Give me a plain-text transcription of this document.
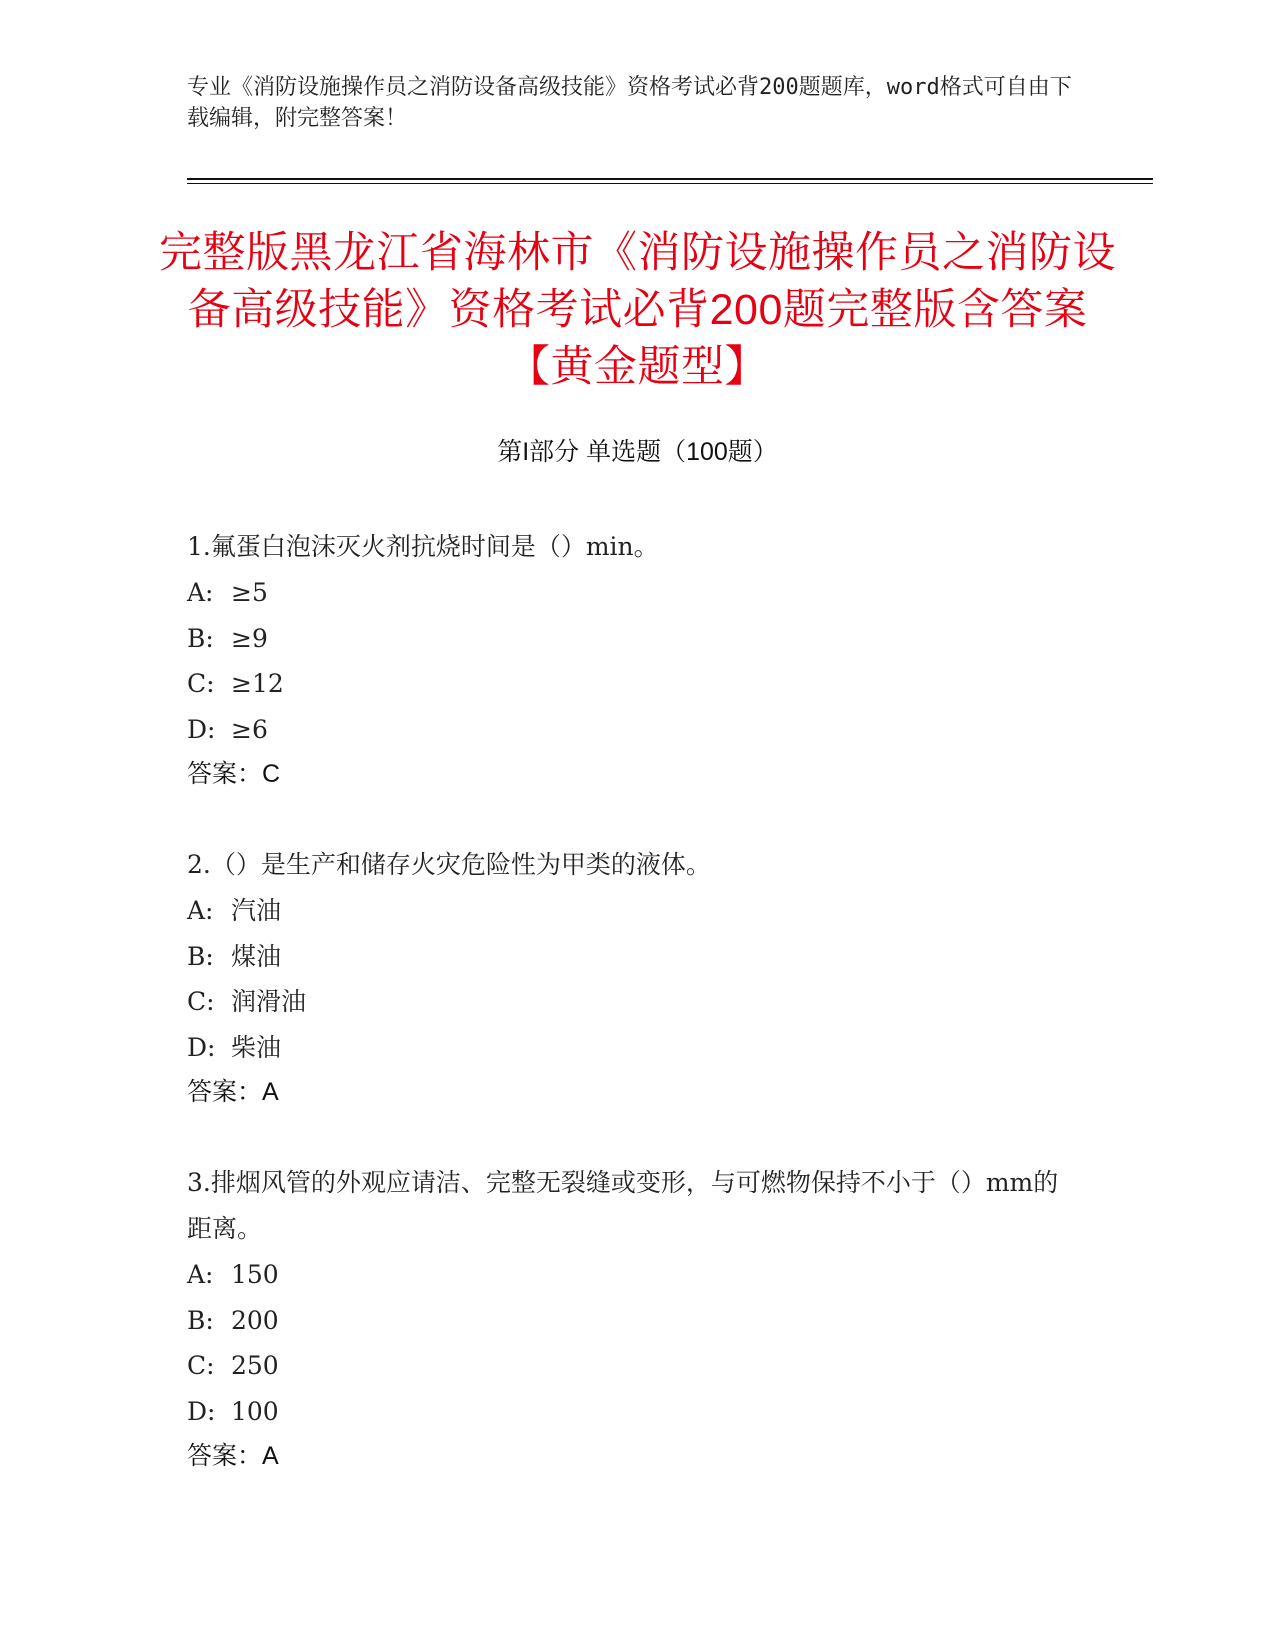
专业《消防设施操作员之消防设备高级技能》资格考试必背200题题库，word格式可自由下载编辑，附完整答案！

完整版黑龙江省海林市《消防设施操作员之消防设备高级技能》资格考试必背200题完整版含答案【黄金题型】
第I部分 单选题（100题）

1.氟蛋白泡沫灭火剂抗烧时间是（）min。

A: ≥5

B: ≥9

C: ≥12

D: ≥6

答案：C

2.（）是生产和储存火灾危险性为甲类的液体。

A: 汽油

B: 煤油

C: 润滑油

D: 柴油

答案：A

3.排烟风管的外观应请洁、完整无裂缝或变形，与可燃物保持不小于（）mm的距离。

A: 150

B: 200

C: 250

D: 100

答案：A
